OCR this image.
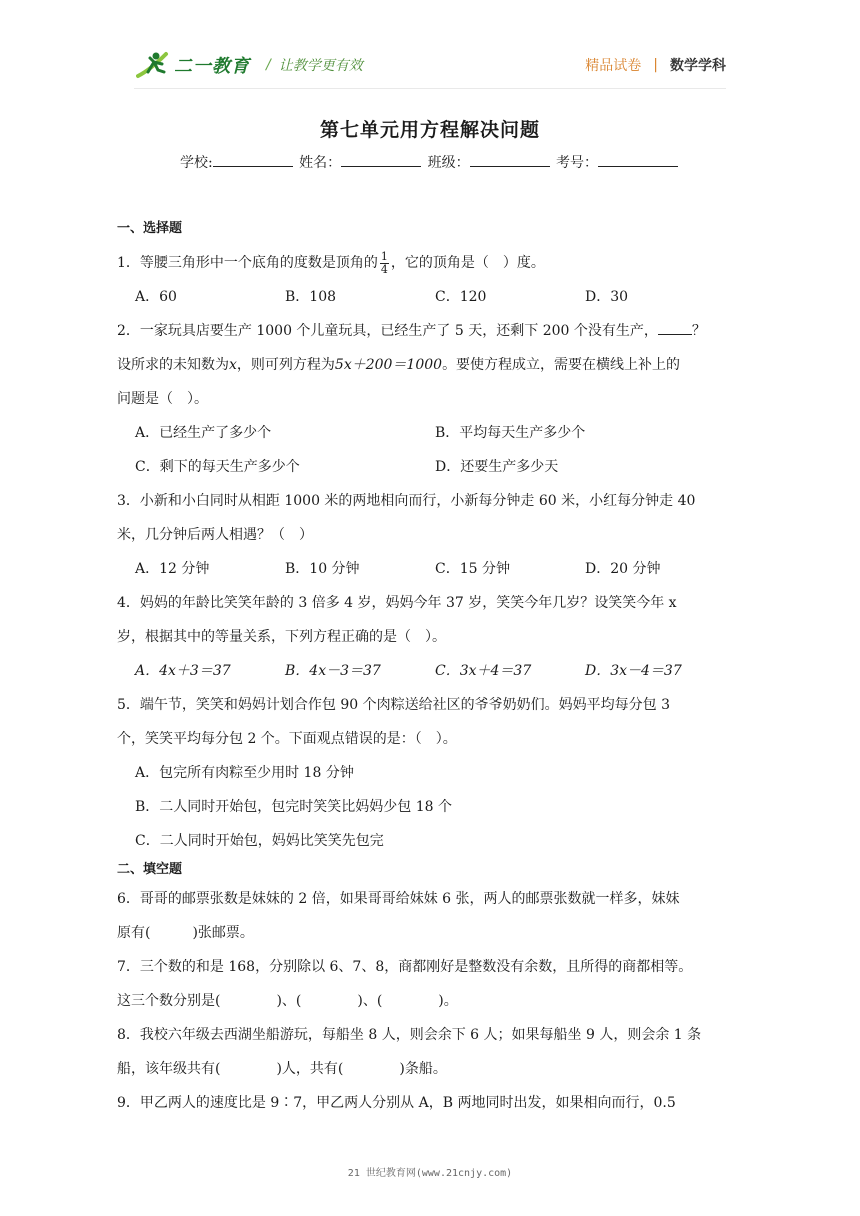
二一教育 / 让教学更有效	精品试卷 | 数学学科
第七单元用方程解决问题
学校:	姓名：	班级：	考号：
一、选择题

1．等腰三角形中一个底角的度数是顶角的 $\frac{1}{4}$ ，它的顶角是（　）度。

A．60	B．108	C．120	D．30

2．一家玩具店要生产 1000 个儿童玩具，已经生产了 5 天，还剩下 200 个没有生产， ？
设所求的未知数为x，则可列方程为5x＋200＝1000。要使方程成立，需要在横线上补上的
问题是（　）。

A．已经生产了多少个	B．平均每天生产多少个
C．剩下的每天生产多少个	D．还要生产多少天

3．小新和小白同时从相距 1000 米的两地相向而行，小新每分钟走 60 米，小红每分钟走 40
米，几分钟后两人相遇？（　）

A．12 分钟	B．10 分钟	C．15 分钟	D．20 分钟

4．妈妈的年龄比笑笑年龄的 3 倍多 4 岁，妈妈今年 37 岁，笑笑今年几岁？设笑笑今年 x
岁，根据其中的等量关系，下列方程正确的是（　）。

A．4x＋3＝37	B．4x－3＝37	C．3x＋4＝37	D．3x－4＝37

5．端午节，笑笑和妈妈计划合作包 90 个肉粽送给社区的爷爷奶奶们。妈妈平均每分包 3
个，笑笑平均每分包 2 个。下面观点错误的是：（　）。

A．包完所有肉粽至少用时 18 分钟
B．二人同时开始包，包完时笑笑比妈妈少包 18 个
C．二人同时开始包，妈妈比笑笑先包完
二、填空题

6．哥哥的邮票张数是妹妹的 2 倍，如果哥哥给妹妹 6 张，两人的邮票张数就一样多，妹妹
原有(　　　)张邮票。

7．三个数的和是 168，分别除以 6、7、8，商都刚好是整数没有余数，且所得的商都相等。
这三个数分别是(　　　　)、(　　　　)、(　　　　)。

8．我校六年级去西湖坐船游玩，每船坐 8 人，则会余下 6 人；如果每船坐 9 人，则会余 1 条
船，该年级共有(　　　　)人，共有(　　　　)条船。

9．甲乙两人的速度比是 9∶7，甲乙两人分别从 A，B 两地同时出发，如果相向而行，0.5

21 世纪教育网(www.21cnjy.com)
